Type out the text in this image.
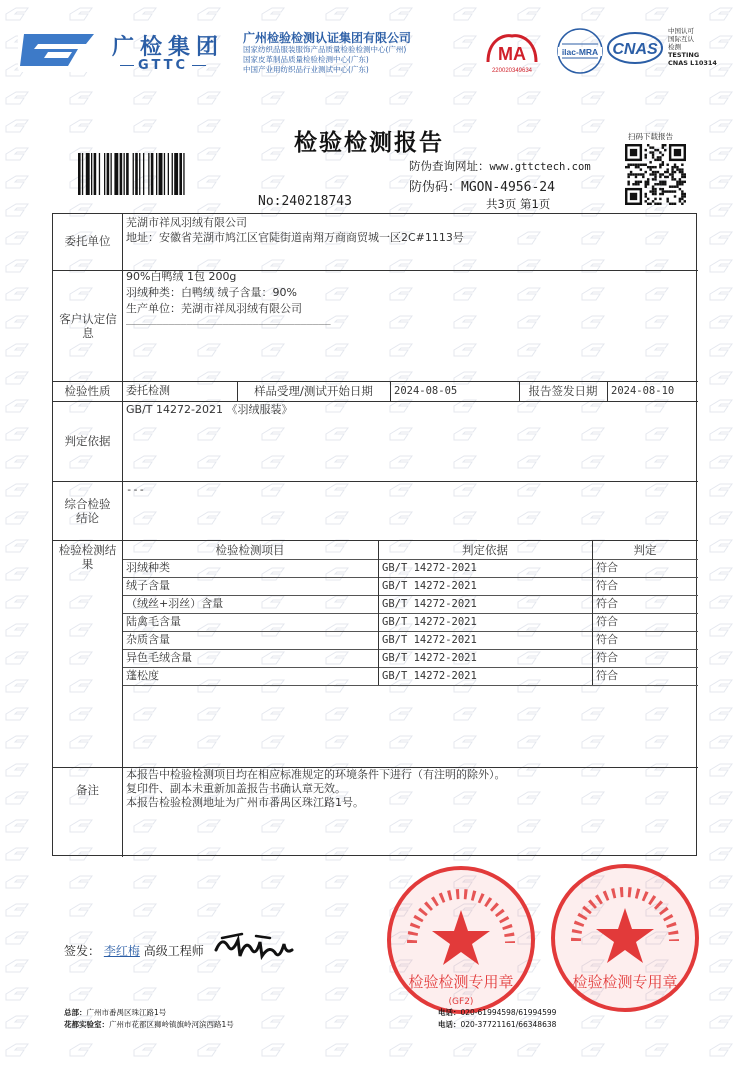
广检集团
GTTC
广州检验检测认证集团有限公司
国家纺织品服装服饰产品质量检验检测中心(广州)
国家皮革制品质量检验检测中心(广东)
中国产业用纺织品行业测试中心(广东)
MA
220020349634
ilac-MRA CNAS
中国认可
国际互认
检测
TESTING
CNAS L10314
检验检测报告
No:240218743
防伪查询网址：www.gttctech.com
防伪码：MGON-4956-24
共3页 第1页
扫码下载报告
委托单位
芜湖市祥凤羽绒有限公司
地址：安徽省芜湖市鸠江区官陡街道南翔万商商贸城一区2C#1113号
客户认定信息
90%白鸭绒 1包 200g
羽绒种类：白鸭绒 绒子含量：90%
生产单位：芜湖市祥凤羽绒有限公司
__________________________________
检验性质	委托检测	样品受理/测试开始日期	2024-08-05	报告签发日期	2024-08-10
判定依据
GB/T 14272-2021 《羽绒服装》
综合检验结论
---
检验检测结果
检验检测项目	判定依据	判定
羽绒种类	GB/T 14272-2021	符合
绒子含量	GB/T 14272-2021	符合
（绒丝+羽丝）含量	GB/T 14272-2021	符合
陆禽毛含量	GB/T 14272-2021	符合
杂质含量	GB/T 14272-2021	符合
异色毛绒含量	GB/T 14272-2021	符合
蓬松度	GB/T 14272-2021	符合
备注
本报告中检验检测项目均在相应标准规定的环境条件下进行（有注明的除外）。
复印件、副本未重新加盖报告书确认章无效。
本报告检验检测地址为广州市番禺区珠江路1号。
检验检测专用章
(GF2)
检验检测专用章
签发： 李红梅 高级工程师
总部：广州市番禺区珠江路1号
花都实验室：广州市花都区狮岭镇旗岭河滨西路1号
电话：020-61994598/61994599
电话：020-37721161/66348638
